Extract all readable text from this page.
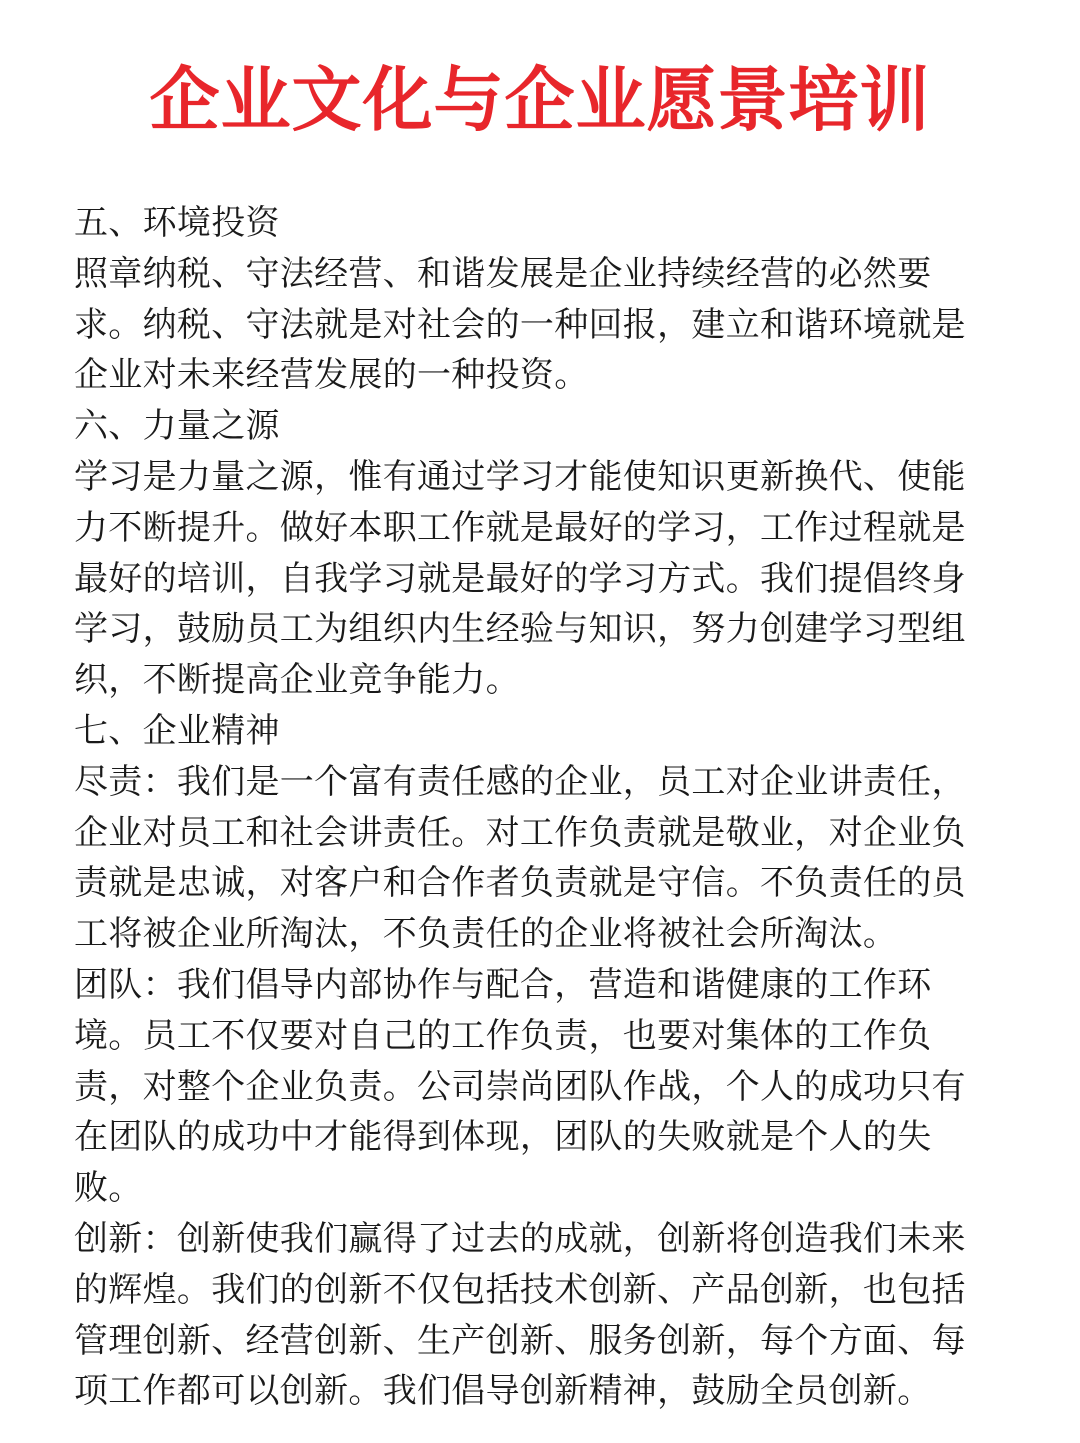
企业文化与企业愿景培训
五、环境投资
照章纳税、守法经营、和谐发展是企业持续经营的必然要
求。纳税、守法就是对社会的一种回报，建立和谐环境就是
企业对未来经营发展的一种投资。
六、力量之源
学习是力量之源，惟有通过学习才能使知识更新换代、使能
力不断提升。做好本职工作就是最好的学习，工作过程就是
最好的培训，自我学习就是最好的学习方式。我们提倡终身
学习，鼓励员工为组织内生经验与知识，努力创建学习型组
织，不断提高企业竞争能力。
七、企业精神
尽责：我们是一个富有责任感的企业，员工对企业讲责任，
企业对员工和社会讲责任。对工作负责就是敬业，对企业负
责就是忠诚，对客户和合作者负责就是守信。不负责任的员
工将被企业所淘汰，不负责任的企业将被社会所淘汰。
团队：我们倡导内部协作与配合，营造和谐健康的工作环
境。员工不仅要对自己的工作负责，也要对集体的工作负
责，对整个企业负责。公司崇尚团队作战，个人的成功只有
在团队的成功中才能得到体现，团队的失败就是个人的失
败。
创新：创新使我们赢得了过去的成就，创新将创造我们未来
的辉煌。我们的创新不仅包括技术创新、产品创新，也包括
管理创新、经营创新、生产创新、服务创新，每个方面、每
项工作都可以创新。我们倡导创新精神，鼓励全员创新。
